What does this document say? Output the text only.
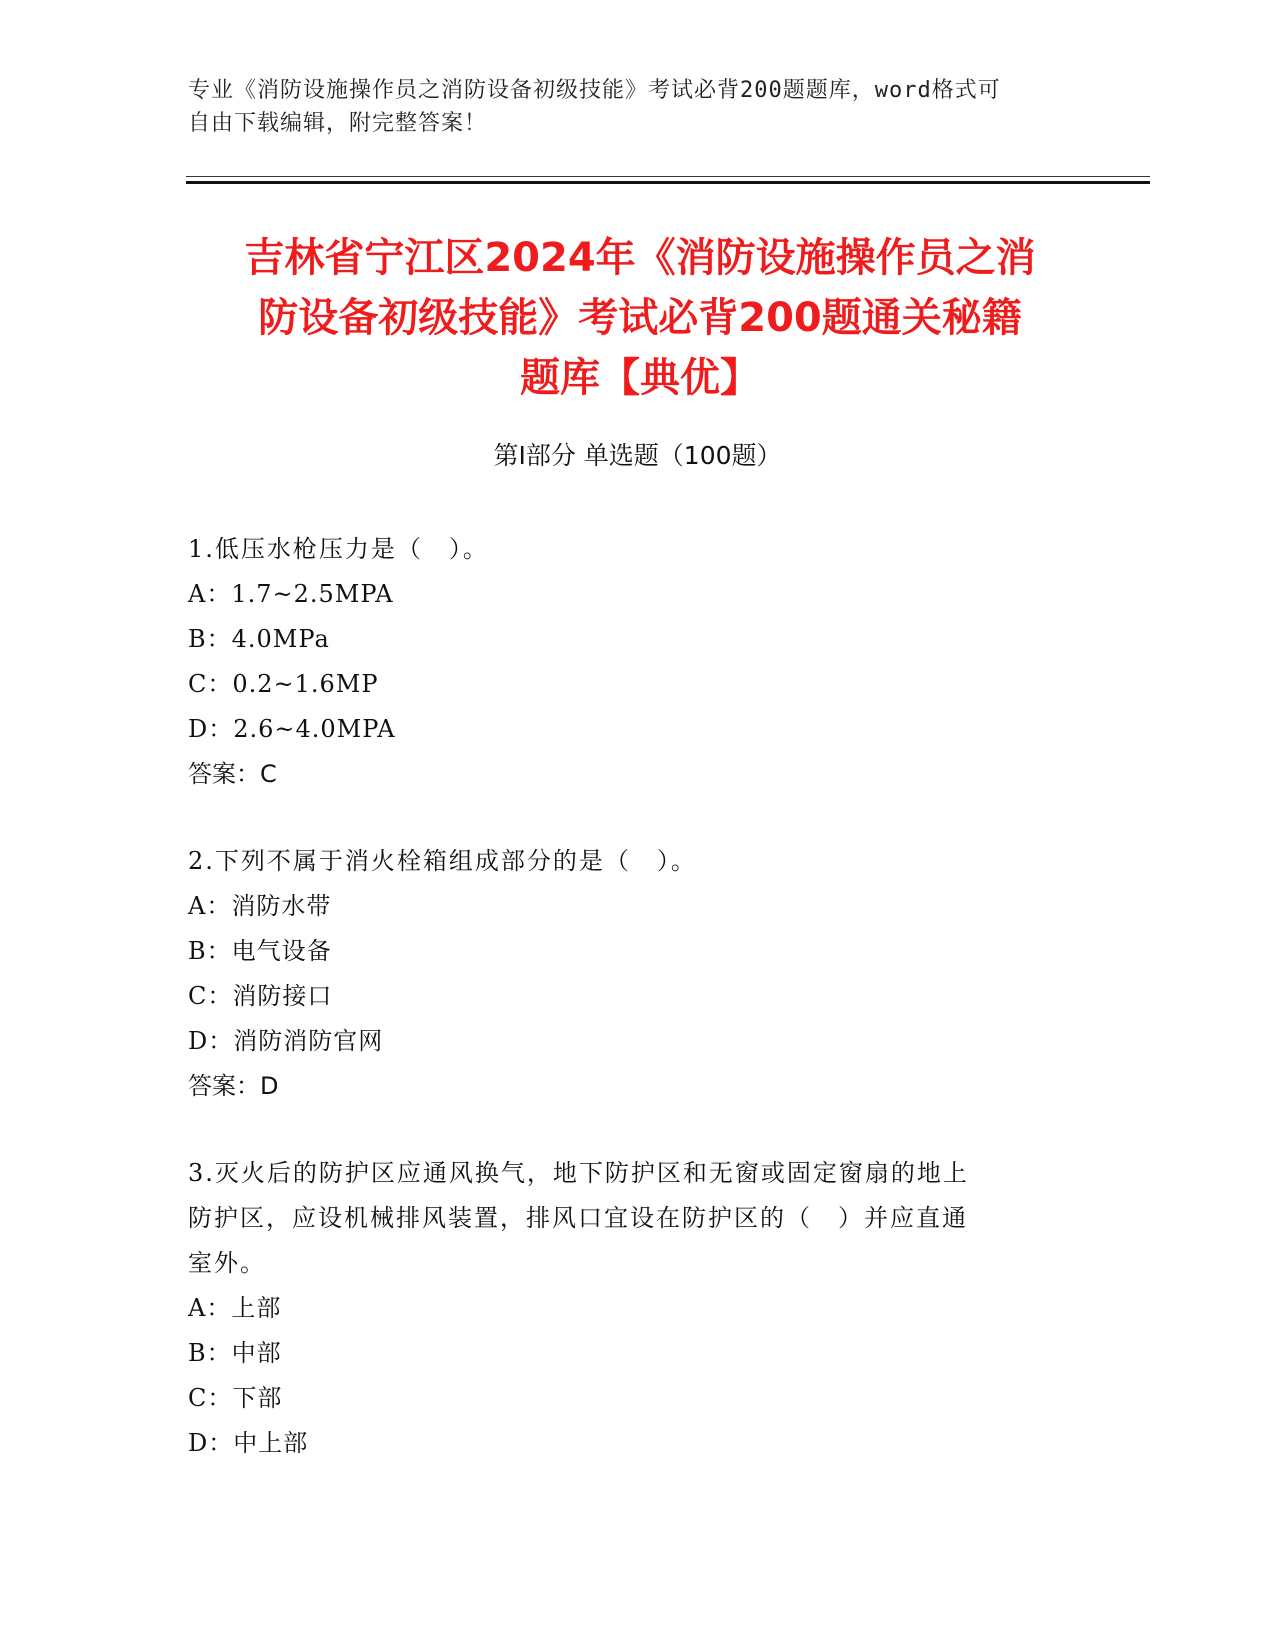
专业《消防设施操作员之消防设备初级技能》考试必背200题题库，word格式可
自由下载编辑，附完整答案！
吉林省宁江区2024年《消防设施操作员之消
防设备初级技能》考试必背200题通关秘籍
题库【典优】
第Ⅰ部分 单选题（100题）

1.低压水枪压力是（　）。

A：1.7~2.5MPA

B：4.0MPa

C：0.2~1.6MP

D：2.6~4.0MPA

答案：C

2.下列不属于消火栓箱组成部分的是（　）。

A：消防水带

B：电气设备

C：消防接口

D：消防消防官网

答案：D

3.灭火后的防护区应通风换气，地下防护区和无窗或固定窗扇的地上

防护区，应设机械排风装置，排风口宜设在防护区的（　）并应直通

室外。

A：上部

B：中部

C：下部

D：中上部
